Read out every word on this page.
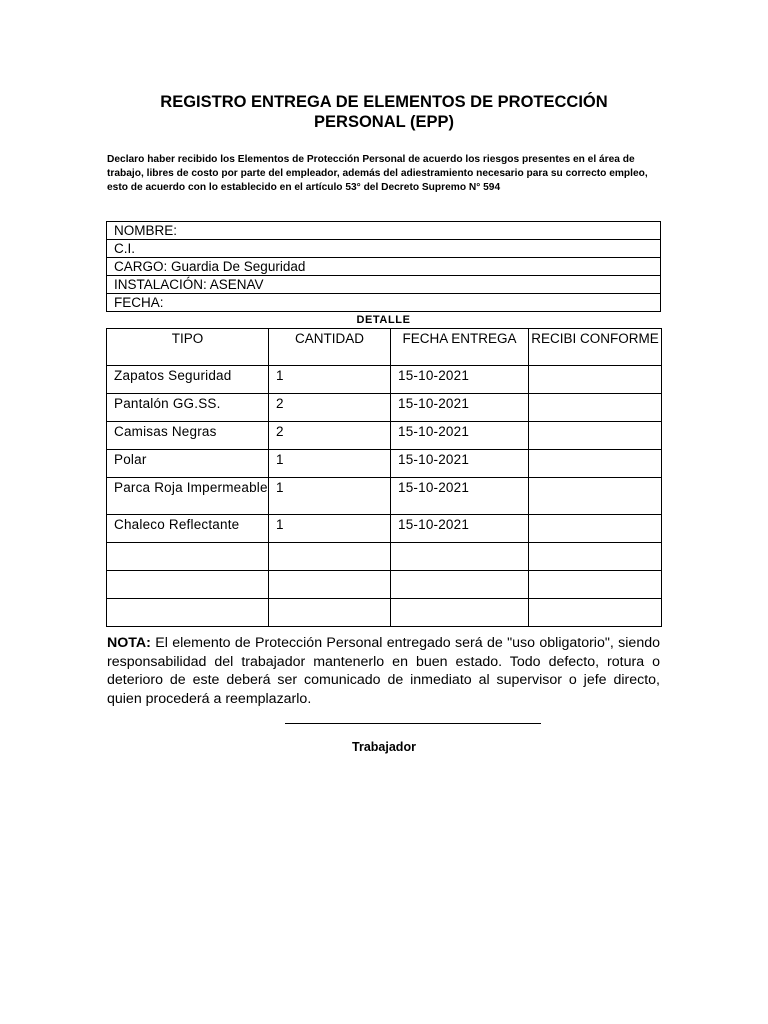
REGISTRO ENTREGA DE ELEMENTOS DE PROTECCIÓN
PERSONAL (EPP)
Declaro haber recibido los Elementos de Protección Personal de acuerdo los riesgos presentes en el área de trabajo, libres de costo por parte del empleador, además del adiestramiento necesario para su correcto empleo, esto de acuerdo con lo establecido en el artículo 53° del Decreto Supremo N° 594
NOMBRE:
C.I.
CARGO: Guardia De Seguridad
INSTALACIÓN: ASENAV
FECHA:
DETALLE
TIPO	CANTIDAD	FECHA ENTREGA	RECIBI CONFORME
Zapatos Seguridad	1	15-10-2021	
Pantalón GG.SS.	2	15-10-2021	
Camisas Negras	2	15-10-2021	
Polar	1	15-10-2021	
Parca Roja Impermeable	1	15-10-2021	
Chaleco Reflectante	1	15-10-2021	

NOTA: El elemento de Protección Personal entregado será de "uso obligatorio", siendo responsabilidad del trabajador mantenerlo en buen estado. Todo defecto, rotura o deterioro de este deberá ser comunicado de inmediato al supervisor o jefe directo, quien procederá a reemplazarlo.
Trabajador
